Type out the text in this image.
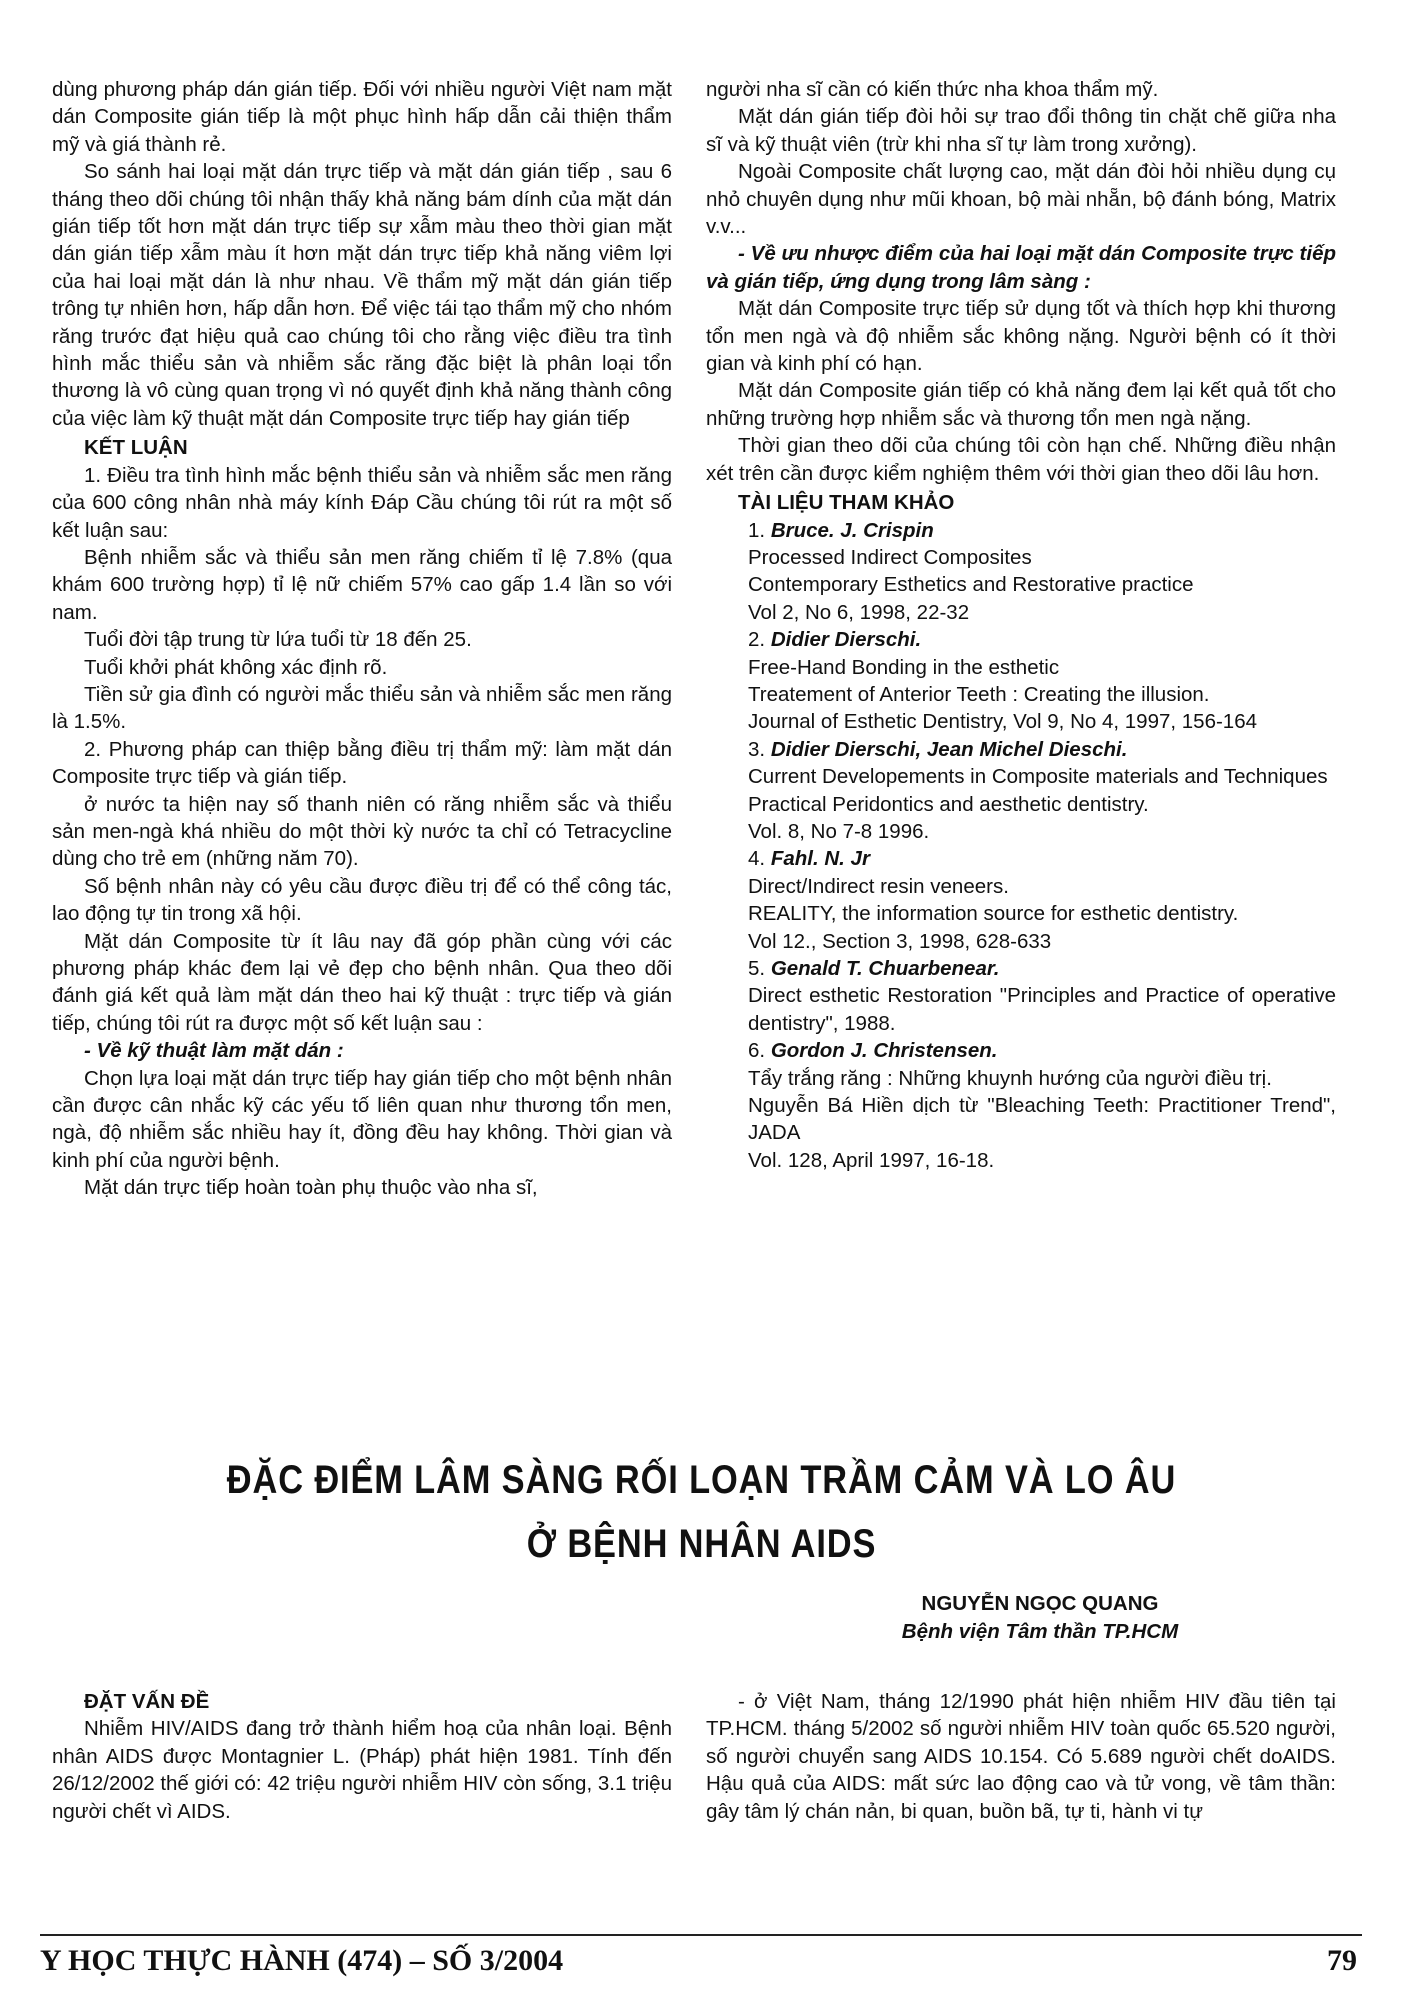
dùng phương pháp dán gián tiếp. Đối với nhiều người Việt nam mặt dán Composite gián tiếp là một phục hình hấp dẫn cải thiện thẩm mỹ và giá thành rẻ.

So sánh hai loại mặt dán trực tiếp và mặt dán gián tiếp , sau 6 tháng theo dõi chúng tôi nhận thấy khả năng bám dính của mặt dán gián tiếp tốt hơn mặt dán trực tiếp sự xẫm màu theo thời gian mặt dán gián tiếp xẫm màu ít hơn mặt dán trực tiếp khả năng viêm lợi của hai loại mặt dán là như nhau. Về thẩm mỹ mặt dán gián tiếp trông tự nhiên hơn, hấp dẫn hơn. Để việc tái tạo thẩm mỹ cho nhóm răng trước đạt hiệu quả cao chúng tôi cho rằng việc điều tra tình hình mắc thiểu sản và nhiễm sắc răng đặc biệt là phân loại tổn thương là vô cùng quan trọng vì nó quyết định khả năng thành công của việc làm kỹ thuật mặt dán Composite trực tiếp hay gián tiếp

KẾT LUẬN

1. Điều tra tình hình mắc bệnh thiểu sản và nhiễm sắc men răng của 600 công nhân nhà máy kính Đáp Cầu chúng tôi rút ra một số kết luận sau:

Bệnh nhiễm sắc và thiểu sản men răng chiếm tỉ lệ 7.8% (qua khám 600 trường hợp) tỉ lệ nữ chiếm 57% cao gấp 1.4 lần so với nam.

Tuổi đời tập trung từ lứa tuổi từ 18 đến 25.

Tuổi khởi phát không xác định rõ.

Tiền sử gia đình có người mắc thiểu sản và nhiễm sắc men răng là 1.5%.

2. Phương pháp can thiệp bằng điều trị thẩm mỹ: làm mặt dán Composite trực tiếp và gián tiếp.

ở nước ta hiện nay số thanh niên có răng nhiễm sắc và thiểu sản men-ngà khá nhiều do một thời kỳ nước ta chỉ có Tetracycline dùng cho trẻ em (những năm 70).

Số bệnh nhân này có yêu cầu được điều trị để có thể công tác, lao động tự tin trong xã hội.

Mặt dán Composite từ ít lâu nay đã góp phần cùng với các phương pháp khác đem lại vẻ đẹp cho bệnh nhân. Qua theo dõi đánh giá kết quả làm mặt dán theo hai kỹ thuật : trực tiếp và gián tiếp, chúng tôi rút ra được một số kết luận sau :

- Về kỹ thuật làm mặt dán :

Chọn lựa loại mặt dán trực tiếp hay gián tiếp cho một bệnh nhân cần được cân nhắc kỹ các yếu tố liên quan như thương tổn men, ngà, độ nhiễm sắc nhiều hay ít, đồng đều hay không. Thời gian và kinh phí của người bệnh.

Mặt dán trực tiếp hoàn toàn phụ thuộc vào nha sĩ,

người nha sĩ cần có kiến thức nha khoa thẩm mỹ.

Mặt dán gián tiếp đòi hỏi sự trao đổi thông tin chặt chẽ giữa nha sĩ và kỹ thuật viên (trừ khi nha sĩ tự làm trong xưởng).

Ngoài Composite chất lượng cao, mặt dán đòi hỏi nhiều dụng cụ nhỏ chuyên dụng như mũi khoan, bộ mài nhẵn, bộ đánh bóng, Matrix v.v...

- Về ưu nhược điểm của hai loại mặt dán Composite trực tiếp và gián tiếp, ứng dụng trong lâm sàng :

Mặt dán Composite trực tiếp sử dụng tốt và thích hợp khi thương tổn men ngà và độ nhiễm sắc không nặng. Người bệnh có ít thời gian và kinh phí có hạn.

Mặt dán Composite gián tiếp có khả năng đem lại kết quả tốt cho những trường hợp nhiễm sắc và thương tổn men ngà nặng.

Thời gian theo dõi của chúng tôi còn hạn chế. Những điều nhận xét trên cần được kiểm nghiệm thêm với thời gian theo dõi lâu hơn.

TÀI LIỆU THAM KHẢO

1. Bruce. J. Crispin
Processed Indirect Composites
Contemporary Esthetics and Restorative practice
Vol 2, No 6, 1998, 22-32
2. Didier Dierschi.
Free-Hand Bonding in the esthetic
Treatement of Anterior Teeth : Creating the illusion.
Journal of Esthetic Dentistry, Vol 9, No 4, 1997, 156-164
3. Didier Dierschi, Jean Michel Dieschi.
Current Developements in Composite materials and Techniques
Practical Peridontics and aesthetic dentistry.
Vol. 8, No 7-8 1996.
4. Fahl. N. Jr
Direct/Indirect resin veneers.
REALITY, the information source for esthetic dentistry.
Vol 12., Section 3, 1998, 628-633
5. Genald T. Chuarbenear.
Direct esthetic Restoration "Principles and Practice of operative dentistry", 1988.
6. Gordon J. Christensen.
Tẩy trắng răng : Những khuynh hướng của người điều trị.
Nguyễn Bá Hiền dịch từ "Bleaching Teeth: Practitioner Trend", JADA
Vol. 128, April 1997, 16-18.
ĐẶC ĐIỂM LÂM SÀNG RỐI LOẠN TRẦM CẢM VÀ LO ÂU
Ở BỆNH NHÂN AIDS
NGUYỄN NGỌC QUANG
Bệnh viện Tâm thần TP.HCM

ĐẶT VẤN ĐỀ

Nhiễm HIV/AIDS đang trở thành hiểm hoạ của nhân loại. Bệnh nhân AIDS được Montagnier L. (Pháp) phát hiện 1981. Tính đến 26/12/2002 thế giới có: 42 triệu người nhiễm HIV còn sống, 3.1 triệu người chết vì AIDS.

- ở Việt Nam, tháng 12/1990 phát hiện nhiễm HIV đầu tiên tại TP.HCM. tháng 5/2002 số người nhiễm HIV toàn quốc 65.520 người, số người chuyển sang AIDS 10.154. Có 5.689 người chết doAIDS. Hậu quả của AIDS: mất sức lao động cao và tử vong, về tâm thần: gây tâm lý chán nản, bi quan, buồn bã, tự ti, hành vi tự

Y HỌC THỰC HÀNH (474) – SỐ 3/2004	79
